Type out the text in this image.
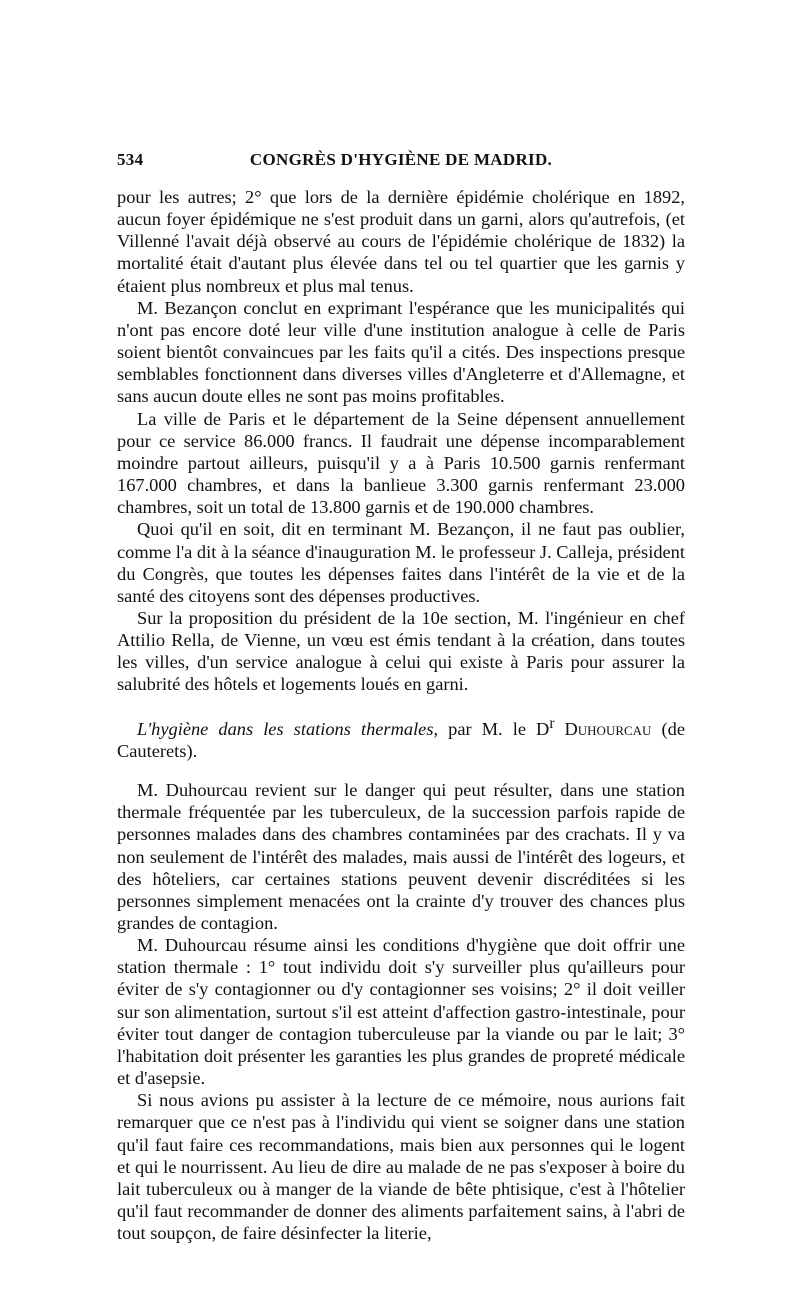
534	CONGRÈS D'HYGIÈNE DE MADRID.

pour les autres; 2° que lors de la dernière épidémie cholérique en 1892, aucun foyer épidémique ne s'est produit dans un garni, alors qu'autrefois, (et Villenné l'avait déjà observé au cours de l'épidémie cholérique de 1832) la mortalité était d'autant plus élevée dans tel ou tel quartier que les garnis y étaient plus nombreux et plus mal tenus.

M. Bezançon conclut en exprimant l'espérance que les municipalités qui n'ont pas encore doté leur ville d'une institution analogue à celle de Paris soient bientôt convaincues par les faits qu'il a cités. Des inspections presque semblables fonctionnent dans diverses villes d'Angleterre et d'Allemagne, et sans aucun doute elles ne sont pas moins profitables.

La ville de Paris et le département de la Seine dépensent annuellement pour ce service 86.000 francs. Il faudrait une dépense incomparablement moindre partout ailleurs, puisqu'il y a à Paris 10.500 garnis renfermant 167.000 chambres, et dans la banlieue 3.300 garnis renfermant 23.000 chambres, soit un total de 13.800 garnis et de 190.000 chambres.

Quoi qu'il en soit, dit en terminant M. Bezançon, il ne faut pas oublier, comme l'a dit à la séance d'inauguration M. le professeur J. Calleja, président du Congrès, que toutes les dépenses faites dans l'intérêt de la vie et de la santé des citoyens sont des dépenses productives.

Sur la proposition du président de la 10e section, M. l'ingénieur en chef Attilio Rella, de Vienne, un vœu est émis tendant à la création, dans toutes les villes, d'un service analogue à celui qui existe à Paris pour assurer la salubrité des hôtels et logements loués en garni.

L'hygiène dans les stations thermales, par M. le $D^r$ Duhourcau (de Cauterets).

M. Duhourcau revient sur le danger qui peut résulter, dans une station thermale fréquentée par les tuberculeux, de la succession parfois rapide de personnes malades dans des chambres contaminées par des crachats. Il y va non seulement de l'intérêt des malades, mais aussi de l'intérêt des logeurs, et des hôteliers, car certaines stations peuvent devenir discréditées si les personnes simplement menacées ont la crainte d'y trouver des chances plus grandes de contagion.

M. Duhourcau résume ainsi les conditions d'hygiène que doit offrir une station thermale : 1° tout individu doit s'y surveiller plus qu'ailleurs pour éviter de s'y contagionner ou d'y contagionner ses voisins; 2° il doit veiller sur son alimentation, surtout s'il est atteint d'affection gastro-intestinale, pour éviter tout danger de contagion tuberculeuse par la viande ou par le lait; 3° l'habitation doit présenter les garanties les plus grandes de propreté médicale et d'asepsie.

Si nous avions pu assister à la lecture de ce mémoire, nous aurions fait remarquer que ce n'est pas à l'individu qui vient se soigner dans une station qu'il faut faire ces recommandations, mais bien aux personnes qui le logent et qui le nourrissent. Au lieu de dire au malade de ne pas s'exposer à boire du lait tuberculeux ou à manger de la viande de bête phtisique, c'est à l'hôtelier qu'il faut recommander de donner des aliments parfaitement sains, à l'abri de tout soupçon, de faire désinfecter la literie,
